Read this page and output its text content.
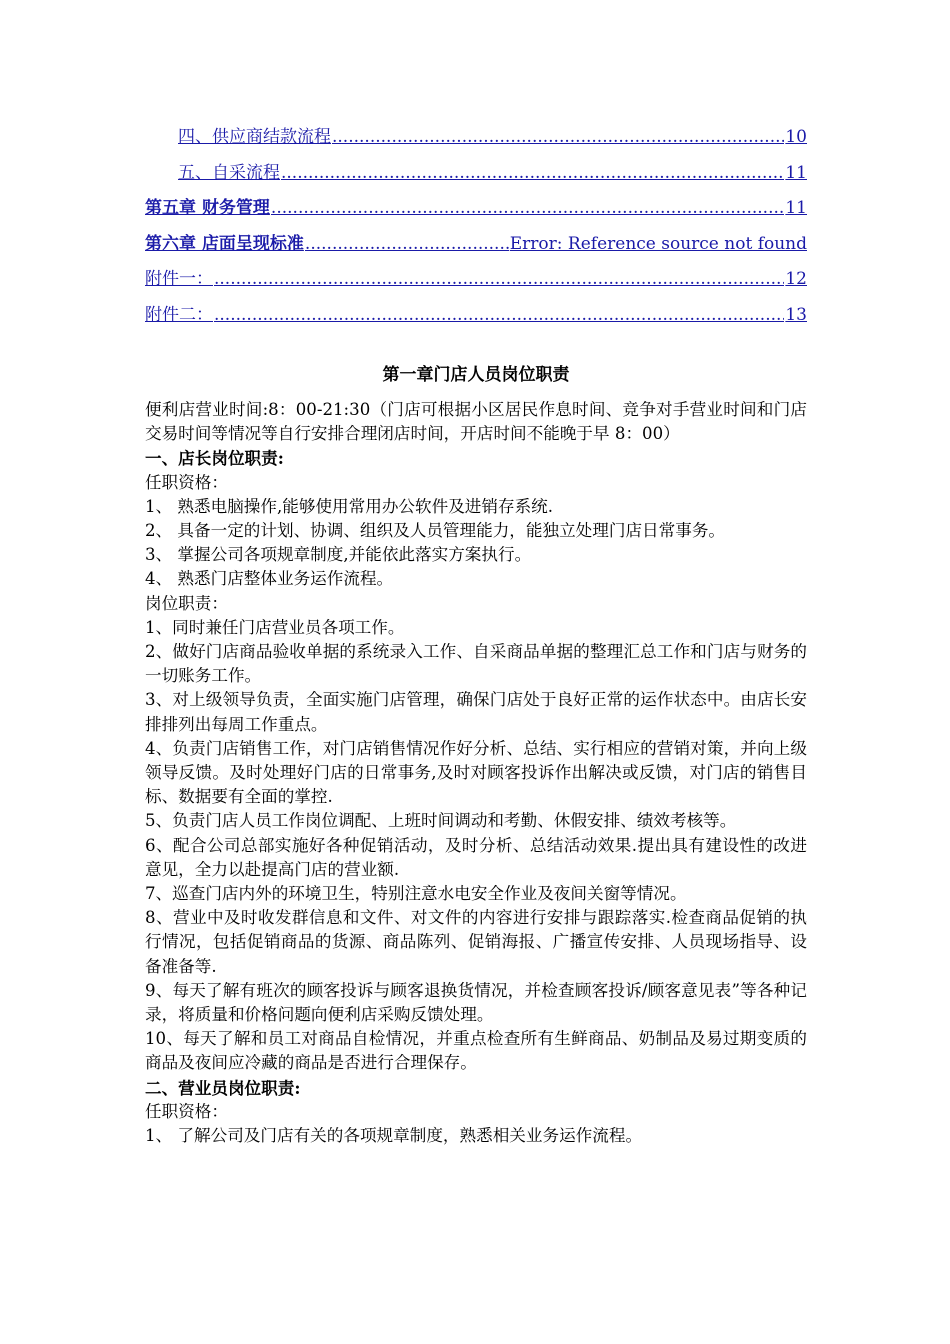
四、供应商结款流程 .....	10
五、自采流程 .....	11
第五章 财务管理 .....	11
第六章 店面呈现标准 .....	Error: Reference source not found
附件一： .....	12
附件二： .....	13
第一章门店人员岗位职责

便利店营业时间:8：00-21:30（门店可根据小区居民作息时间、竞争对手营业时间和门店交易时间等情况等自行安排合理闭店时间，开店时间不能晚于早 8：00）

一、店长岗位职责:

任职资格：

1、 熟悉电脑操作,能够使用常用办公软件及进销存系统.

2、 具备一定的计划、协调、组织及人员管理能力，能独立处理门店日常事务。

3、 掌握公司各项规章制度,并能依此落实方案执行。

4、 熟悉门店整体业务运作流程。

岗位职责：

1、同时兼任门店营业员各项工作。

2、做好门店商品验收单据的系统录入工作、自采商品单据的整理汇总工作和门店与财务的一切账务工作。

3、对上级领导负责，全面实施门店管理，确保门店处于良好正常的运作状态中。由店长安排排列出每周工作重点。

4、负责门店销售工作，对门店销售情况作好分析、总结、实行相应的营销对策，并向上级领导反馈。及时处理好门店的日常事务,及时对顾客投诉作出解决或反馈，对门店的销售目标、数据要有全面的掌控.

5、负责门店人员工作岗位调配、上班时间调动和考勤、休假安排、绩效考核等。

6、配合公司总部实施好各种促销活动，及时分析、总结活动效果.提出具有建设性的改进意见，全力以赴提高门店的营业额.

7、巡查门店内外的环境卫生，特别注意水电安全作业及夜间关窗等情况。

8、营业中及时收发群信息和文件、对文件的内容进行安排与跟踪落实.检查商品促销的执行情况，包括促销商品的货源、商品陈列、促销海报、广播宣传安排、人员现场指导、设备准备等.

9、每天了解有班次的顾客投诉与顾客退换货情况，并检查顾客投诉/顾客意见表”等各种记录，将质量和价格问题向便利店采购反馈处理。

10、每天了解和员工对商品自检情况，并重点检查所有生鲜商品、奶制品及易过期变质的商品及夜间应冷藏的商品是否进行合理保存。

二、营业员岗位职责:

任职资格：

1、 了解公司及门店有关的各项规章制度，熟悉相关业务运作流程。
